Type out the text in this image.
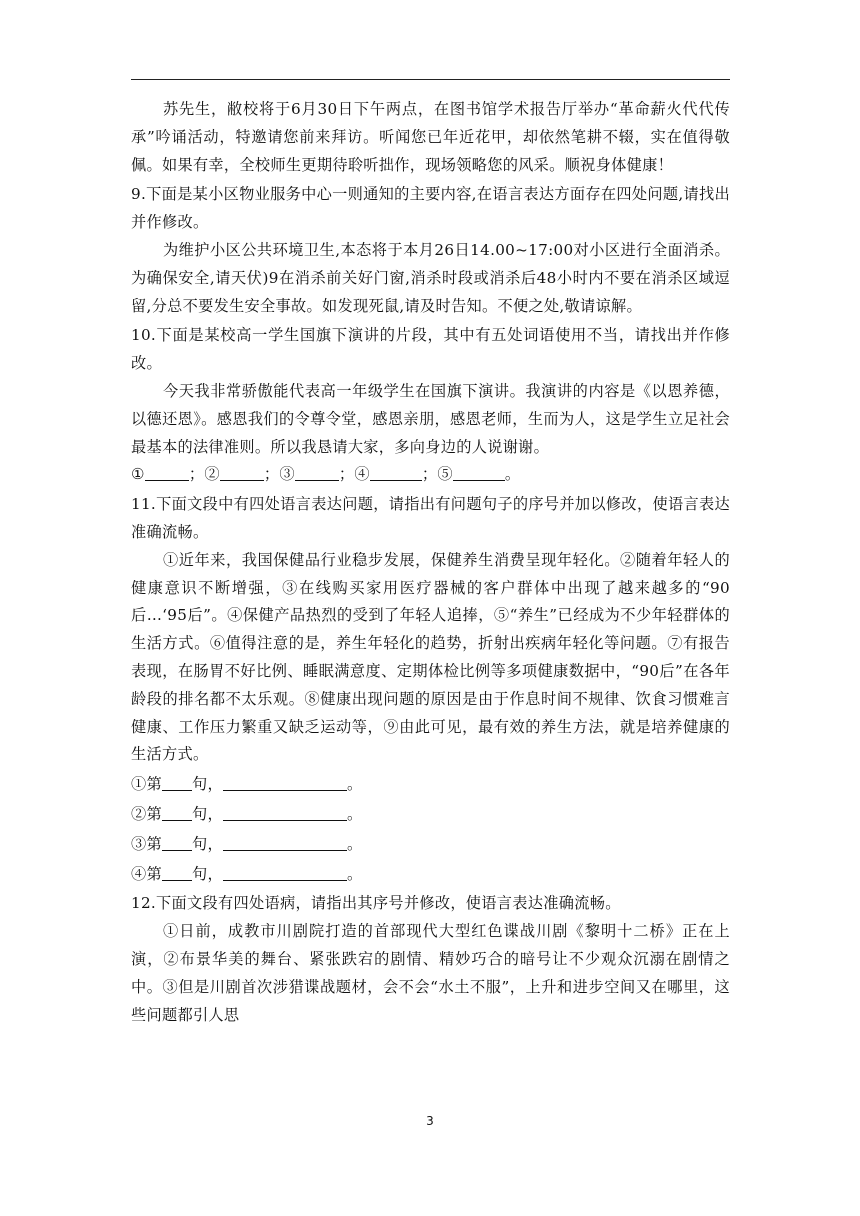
苏先生，敝校将于6月30日下午两点，在图书馆学术报告厅举办“革命薪火代代传承”吟诵活动，特邀请您前来拜访。听闻您已年近花甲，却依然笔耕不辍，实在值得敬佩。如果有幸，全校师生更期待聆听拙作，现场领略您的风采。顺祝身体健康！

9.下面是某小区物业服务中心一则通知的主要内容,在语言表达方面存在四处问题,请找出并作修改。

为维护小区公共环境卫生,本态将于本月26日14.00~17:00对小区进行全面消杀。为确保安全,请天伏)9在消杀前关好门窗,消杀时段或消杀后48小时内不要在消杀区域逗留,分总不要发生安全事故。如发现死鼠,请及时告知。不便之处,敬请谅解。

10.下面是某校高一学生国旗下演讲的片段，其中有五处词语使用不当，请找出并作修改。

今天我非常骄傲能代表高一年级学生在国旗下演讲。我演讲的内容是《以恩养德，以德还恩》。感恩我们的令尊令堂，感恩亲朋，感恩老师，生而为人，这是学生立足社会最基本的法律准则。所以我恳请大家，多向身边的人说谢谢。

①	；②	；③	；④	；⑤	。

11.下面文段中有四处语言表达问题，请指出有问题句子的序号并加以修改，使语言表达准确流畅。

①近年来，我国保健品行业稳步发展，保健养生消费呈现年轻化。②随着年轻人的健康意识不断增强，③在线购买家用医疗器械的客户群体中出现了越来越多的“90后…‘95后”。④保健产品热烈的受到了年轻人追捧，⑤“养生”已经成为不少年轻群体的生活方式。⑥值得注意的是，养生年轻化的趋势，折射出疾病年轻化等问题。⑦有报告表现，在肠胃不好比例、睡眠满意度、定期体检比例等多项健康数据中，“90后”在各年龄段的排名都不太乐观。⑧健康出现问题的原因是由于作息时间不规律、饮食习惯难言健康、工作压力繁重又缺乏运动等，⑨由此可见，最有效的养生方法，就是培养健康的生活方式。

①第 句，	。

②第 句，	。

③第 句，	。

④第 句，	。

12.下面文段有四处语病，请指出其序号并修改，使语言表达准确流畅。

①日前，成教市川剧院打造的首部现代大型红色谍战川剧《黎明十二桥》正在上演，②布景华美的舞台、紧张跌宕的剧情、精妙巧合的暗号让不少观众沉溺在剧情之中。③但是川剧首次涉猎谍战题材，会不会“水土不服”，上升和进步空间又在哪里，这些问题都引人思

3
